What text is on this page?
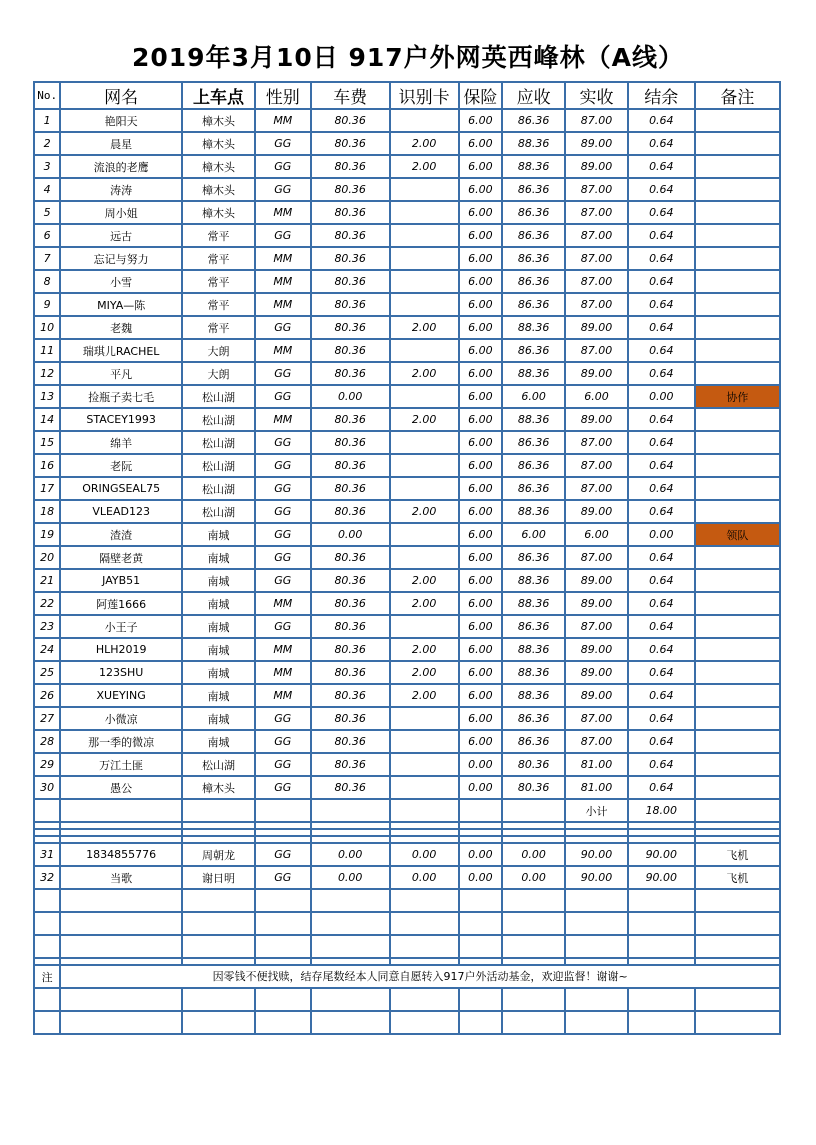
2019年3月10日 917户外网英西峰林（A线）
No.	网名	上车点	性别	车费	识别卡	保险	应收	实收	结余	备注
1	艳阳天	樟木头	MM	80.36		6.00	86.36	87.00	0.64	
2	晨星	樟木头	GG	80.36	2.00	6.00	88.36	89.00	0.64	
3	流浪的老鹰	樟木头	GG	80.36	2.00	6.00	88.36	89.00	0.64	
4	涛涛	樟木头	GG	80.36		6.00	86.36	87.00	0.64	
5	周小姐	樟木头	MM	80.36		6.00	86.36	87.00	0.64	
6	远古	常平	GG	80.36		6.00	86.36	87.00	0.64	
7	忘记与努力	常平	MM	80.36		6.00	86.36	87.00	0.64	
8	小雪	常平	MM	80.36		6.00	86.36	87.00	0.64	
9	MIYA—陈	常平	MM	80.36		6.00	86.36	87.00	0.64	
10	老魏	常平	GG	80.36	2.00	6.00	88.36	89.00	0.64	
11	瑞琪儿RACHEL	大朗	MM	80.36		6.00	86.36	87.00	0.64	
12	平凡	大朗	GG	80.36	2.00	6.00	88.36	89.00	0.64	
13	捡瓶子卖七毛	松山湖	GG	0.00		6.00	6.00	6.00	0.00	协作
14	STACEY1993	松山湖	MM	80.36	2.00	6.00	88.36	89.00	0.64	
15	绵羊	松山湖	GG	80.36		6.00	86.36	87.00	0.64	
16	老阮	松山湖	GG	80.36		6.00	86.36	87.00	0.64	
17	ORINGSEAL75	松山湖	GG	80.36		6.00	86.36	87.00	0.64	
18	VLEAD123	松山湖	GG	80.36	2.00	6.00	88.36	89.00	0.64	
19	渣渣	南城	GG	0.00		6.00	6.00	6.00	0.00	领队
20	隔壁老黄	南城	GG	80.36		6.00	86.36	87.00	0.64	
21	JAYB51	南城	GG	80.36	2.00	6.00	88.36	89.00	0.64	
22	阿莲1666	南城	MM	80.36	2.00	6.00	88.36	89.00	0.64	
23	小王子	南城	GG	80.36		6.00	86.36	87.00	0.64	
24	HLH2019	南城	MM	80.36	2.00	6.00	88.36	89.00	0.64	
25	123SHU	南城	MM	80.36	2.00	6.00	88.36	89.00	0.64	
26	XUEYING	南城	MM	80.36	2.00	6.00	88.36	89.00	0.64	
27	小微凉	南城	GG	80.36		6.00	86.36	87.00	0.64	
28	那一季的微凉	南城	GG	80.36		6.00	86.36	87.00	0.64	
29	万江土匪	松山湖	GG	80.36		0.00	80.36	81.00	0.64	
30	愚公	樟木头	GG	80.36		0.00	80.36	81.00	0.64	
								小计	18.00	

31	1834855776	周朝龙	GG	0.00	0.00	0.00	0.00	90.00	90.00	飞机
32	当歌	谢日明	GG	0.00	0.00	0.00	0.00	90.00	90.00	飞机

注	因零钱不便找赎，结存尾数经本人同意自愿转入917户外活动基金，欢迎监督！谢谢~									
